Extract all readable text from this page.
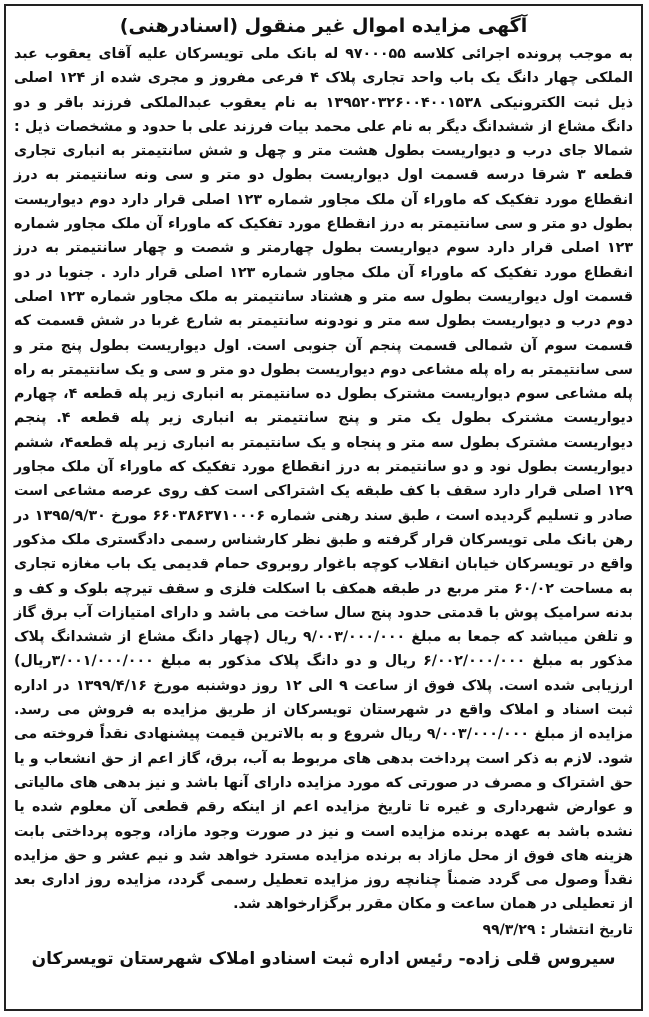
آگهی مزایده اموال غیر منقول (اسنادرهنی)

به موجب پرونده اجرائی کلاسه ۹۷۰۰۰۵۵ له بانک ملی تویسرکان علیه آقای یعقوب عبد الملکی چهار دانگ یک باب واحد تجاری پلاک ۴ فرعی مفروز و مجری شده از ۱۲۴ اصلی ذیل ثبت الکترونیکی ۱۳۹۵۲۰۳۲۶۰۰۴۰۰۱۵۳۸ به نام یعقوب عبدالملکی فرزند باقر و دو دانگ مشاع از ششدانگ دیگر به نام علی محمد بیات فرزند علی با حدود و مشخصات ذیل : شمالا جای درب و دیواریست بطول هشت متر و چهل و شش سانتیمتر به انباری تجاری قطعه ۳ شرقا درسه قسمت اول دیواریست بطول دو متر و سی ونه سانتیمتر به درز انقطاع مورد تفکیک که ماوراء آن ملک مجاور شماره ۱۲۳ اصلی قرار دارد دوم دیواریست بطول دو متر و سی سانتیمتر به درز انقطاع مورد تفکیک که ماوراء آن ملک مجاور شماره ۱۲۳ اصلی قرار دارد سوم دیواریست بطول چهارمتر و شصت و چهار سانتیمتر به درز انقطاع مورد تفکیک که ماوراء آن ملک مجاور شماره ۱۲۳ اصلی قرار دارد . جنوبا در دو قسمت اول دیواریست بطول سه متر و هشتاد سانتیمتر به ملک مجاور شماره ۱۲۳ اصلی دوم درب و دیواریست بطول سه متر و نودونه سانتیمتر به شارع غربا در شش قسمت که قسمت سوم آن شمالی قسمت پنجم آن جنوبی است. اول دیواریست بطول پنج متر و سی سانتیمتر به راه پله مشاعی دوم دیواریست بطول دو متر و سی و یک سانتیمتر به راه پله مشاعی سوم دیواریست مشترک بطول ده سانتیمتر به انباری زیر پله قطعه ۴، چهارم دیواریست مشترک بطول یک متر و پنج سانتیمتر به انباری زیر پله قطعه ۴. پنجم دیواریست مشترک بطول سه متر و پنجاه و یک سانتیمتر به انباری زیر پله قطعه۴، ششم دیواریست بطول نود و دو سانتیمتر به درز انقطاع مورد تفکیک که ماوراء آن ملک مجاور ۱۲۹ اصلی قرار دارد سقف با کف طبقه یک اشتراکی است کف روی عرصه مشاعی است صادر و تسلیم گردیده است ، طبق سند رهنی شماره ۶۶۰۳۸۶۳۷۱۰۰۰۶ مورخ ۱۳۹۵/۹/۳۰ در رهن بانک ملی تویسرکان قرار گرفته و طبق نظر کارشناس رسمی دادگستری ملک مذکور واقع در تویسرکان خیابان انقلاب کوچه باغوار روبروی حمام قدیمی یک باب مغازه تجاری به مساحت ۶۰/۰۲ متر مربع در طبقه همکف با اسکلت فلزی و سقف تیرچه بلوک و کف و بدنه سرامیک پوش با قدمتی حدود پنج سال ساخت می باشد و دارای امتیازات آب برق گاز و تلفن میباشد که جمعا به مبلغ ۹/۰۰۳/۰۰۰/۰۰۰ ریال (چهار دانگ مشاع از ششدانگ پلاک مذکور به مبلغ ۶/۰۰۲/۰۰۰/۰۰۰ ریال و دو دانگ پلاک مذکور به مبلغ ۳/۰۰۱/۰۰۰/۰۰۰ریال) ارزیابی شده است. پلاک فوق از ساعت ۹ الی ۱۲ روز دوشنبه مورخ ۱۳۹۹/۴/۱۶ در اداره ثبت اسناد و املاک واقع در شهرستان تویسرکان از طریق مزایده به فروش می رسد. مزایده از مبلغ ۹/۰۰۳/۰۰۰/۰۰۰ ریال شروع و به بالاترین قیمت پیشنهادی نقداً فروخته می شود. لازم به ذکر است پرداخت بدهی های مربوط به آب، برق، گاز اعم از حق انشعاب و یا حق اشتراک و مصرف در صورتی که مورد مزایده دارای آنها باشد و نیز بدهی های مالیاتی و عوارض شهرداری و غیره تا تاریخ مزایده اعم از اینکه رقم قطعی آن معلوم شده یا نشده باشد به عهده برنده مزایده است و نیز در صورت وجود مازاد، وجوه پرداختی بابت هزینه های فوق از محل مازاد به برنده مزایده مسترد خواهد شد و نیم عشر و حق مزایده نقداً وصول می گردد ضمناً چنانچه روز مزایده تعطیل رسمی گردد، مزایده روز اداری بعد از تعطیلی در همان ساعت و مکان مقرر برگزارخواهد شد.

تاریخ انتشار : ۹۹/۳/۲۹
سیروس قلی زاده- رئیس اداره ثبت اسنادو املاک شهرستان تویسرکان
